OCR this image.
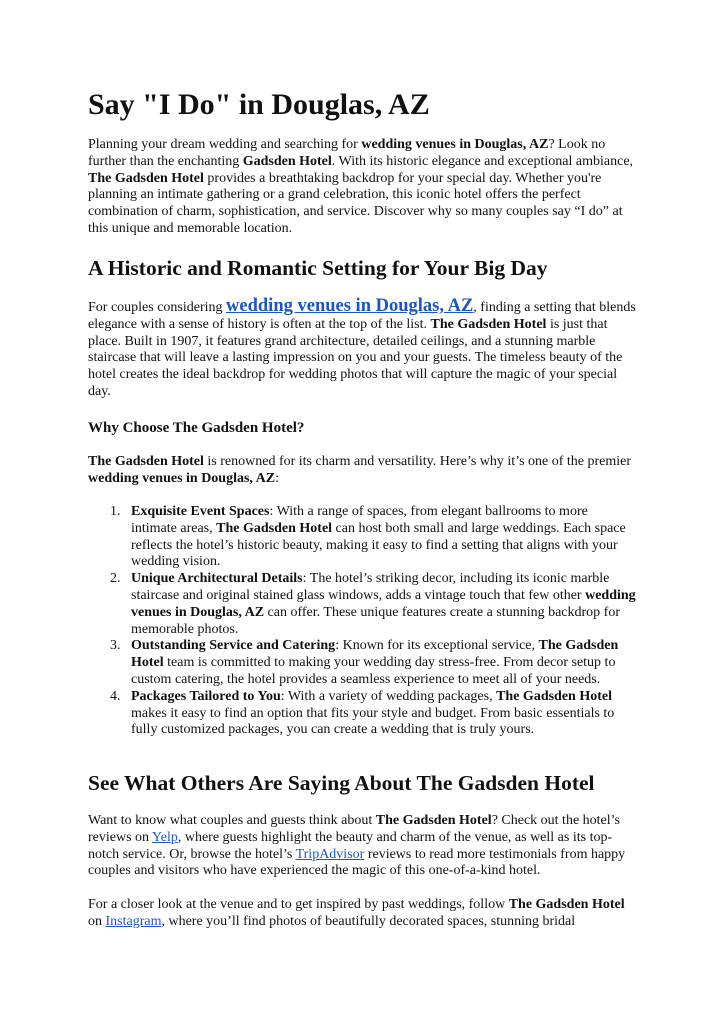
Say "I Do" in Douglas, AZ

Planning your dream wedding and searching for wedding venues in Douglas, AZ? Look no further than the enchanting Gadsden Hotel. With its historic elegance and exceptional ambiance, The Gadsden Hotel provides a breathtaking backdrop for your special day. Whether you're planning an intimate gathering or a grand celebration, this iconic hotel offers the perfect combination of charm, sophistication, and service. Discover why so many couples say “I do” at this unique and memorable location.

A Historic and Romantic Setting for Your Big Day

For couples considering wedding venues in Douglas, AZ, finding a setting that blends elegance with a sense of history is often at the top of the list. The Gadsden Hotel is just that place. Built in 1907, it features grand architecture, detailed ceilings, and a stunning marble staircase that will leave a lasting impression on you and your guests. The timeless beauty of the hotel creates the ideal backdrop for wedding photos that will capture the magic of your special day.

Why Choose The Gadsden Hotel?

The Gadsden Hotel is renowned for its charm and versatility. Here’s why it’s one of the premier wedding venues in Douglas, AZ:

1. Exquisite Event Spaces: With a range of spaces, from elegant ballrooms to more intimate areas, The Gadsden Hotel can host both small and large weddings. Each space reflects the hotel’s historic beauty, making it easy to find a setting that aligns with your wedding vision.
2. Unique Architectural Details: The hotel’s striking decor, including its iconic marble staircase and original stained glass windows, adds a vintage touch that few other wedding venues in Douglas, AZ can offer. These unique features create a stunning backdrop for memorable photos.
3. Outstanding Service and Catering: Known for its exceptional service, The Gadsden Hotel team is committed to making your wedding day stress-free. From decor setup to custom catering, the hotel provides a seamless experience to meet all of your needs.
4. Packages Tailored to You: With a variety of wedding packages, The Gadsden Hotel makes it easy to find an option that fits your style and budget. From basic essentials to fully customized packages, you can create a wedding that is truly yours.
See What Others Are Saying About The Gadsden Hotel

Want to know what couples and guests think about The Gadsden Hotel? Check out the hotel’s reviews on Yelp, where guests highlight the beauty and charm of the venue, as well as its top-notch service. Or, browse the hotel’s TripAdvisor reviews to read more testimonials from happy couples and visitors who have experienced the magic of this one-of-a-kind hotel.

For a closer look at the venue and to get inspired by past weddings, follow The Gadsden Hotel on Instagram, where you’ll find photos of beautifully decorated spaces, stunning bridal
